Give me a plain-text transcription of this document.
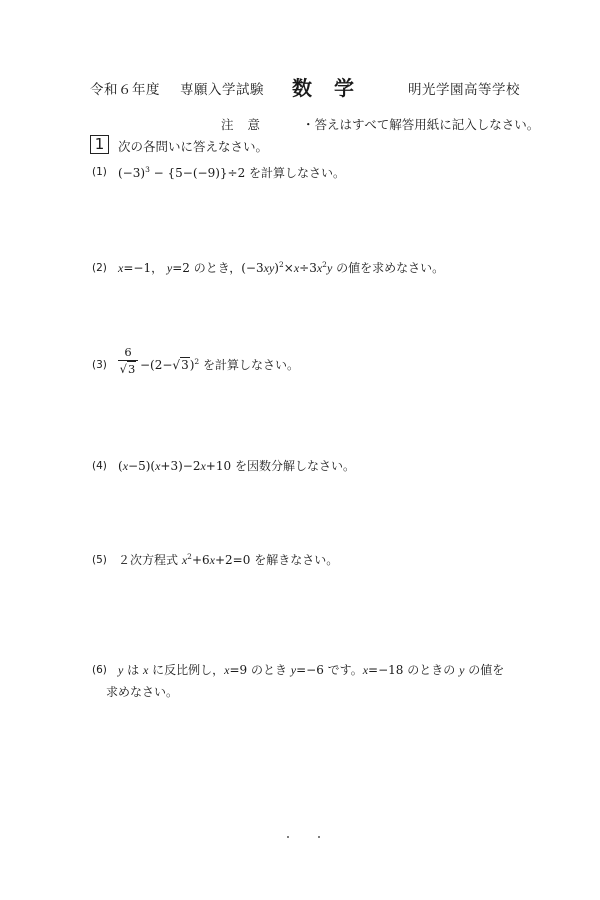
令和６年度 専願入学試験 数学 明光学園高等学校
注意 ・答えはすべて解答用紙に記入しなさい。
1	次の各問いに答えなさい。
(1) $(-3)^3 - \{5-(-9)\}\div 2$ を計算しなさい。
(2) x=−1， y=2 のとき，$(-3xy)^2\times x\div 3x^2y$ の値を求めなさい。
(3)
6
$√3 -(2-√3)^2$ を計算しなさい。
(4) (x−5)(x+3)−2x+10 を因数分解しなさい。
(5) ２次方程式 $x^2+6x+2=0$ を解きなさい。
(6) y は x に反比例し，x=9 のとき y=−6 です。x=−18 のときの y の値を
求めなさい。
